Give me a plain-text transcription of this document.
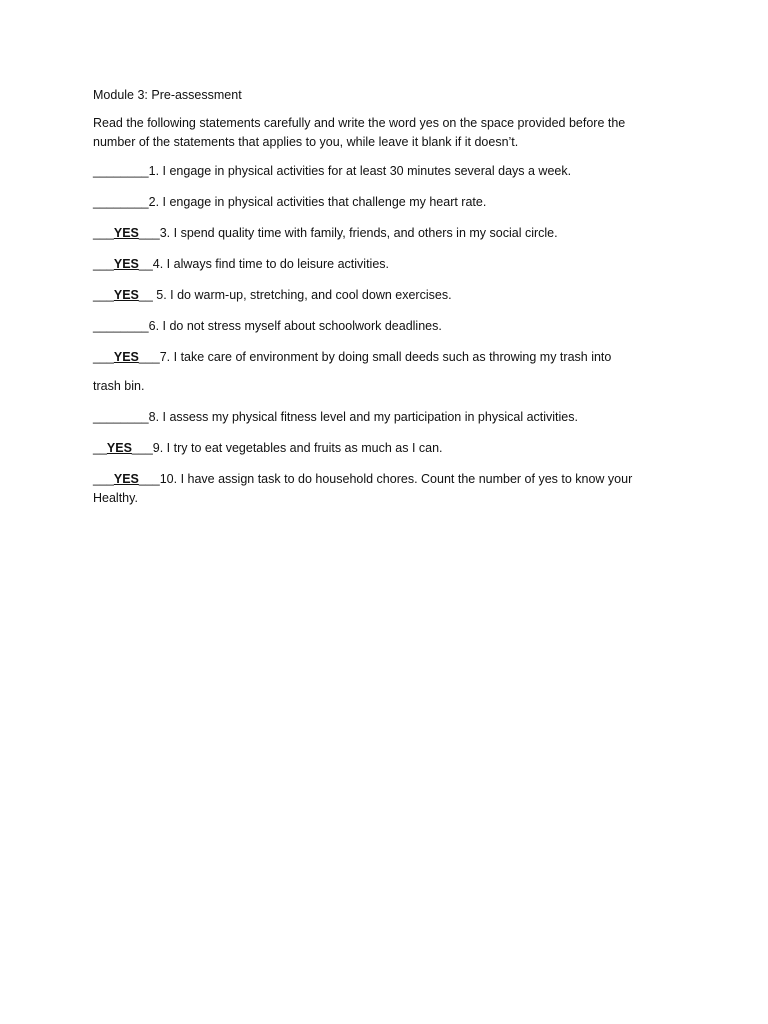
Module 3: Pre-assessment
Read the following statements carefully and write the word yes on the space provided before the number of the statements that applies to you, while leave it blank if it doesn’t.
________1. I engage in physical activities for at least 30 minutes several days a week.
________2. I engage in physical activities that challenge my heart rate.
___YES___3. I spend quality time with family, friends, and others in my social circle.
___YES__4. I always find time to do leisure activities.
___YES__ 5. I do warm-up, stretching, and cool down exercises.
________6. I do not stress myself about schoolwork deadlines.
___YES___7. I take care of environment by doing small deeds such as throwing my trash into
trash bin.
________8. I assess my physical fitness level and my participation in physical activities.
__YES___9. I try to eat vegetables and fruits as much as I can.
___YES___10. I have assign task to do household chores. Count the number of yes to know your Healthy.
